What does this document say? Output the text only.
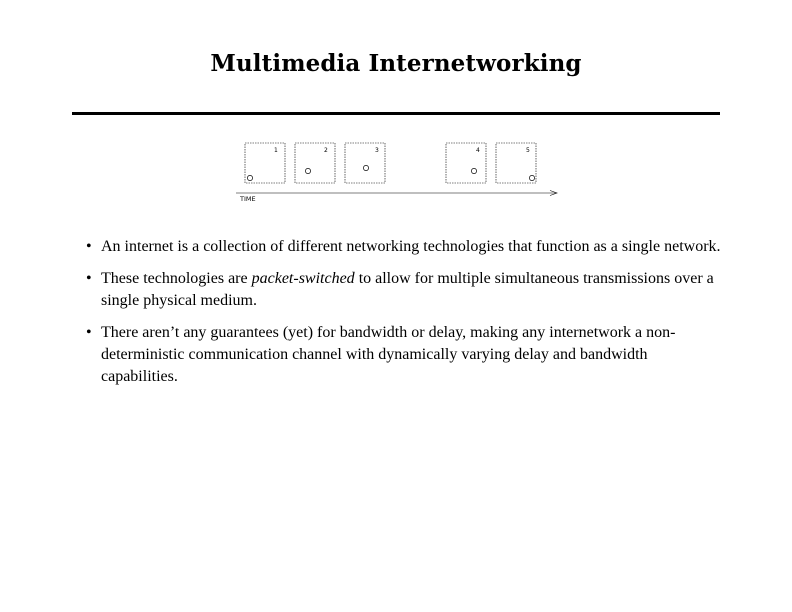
Multimedia Internetworking
1	2	3	4	5
TIME
• An internet is a collection of different networking technologies that function as a single network.
• These technologies are packet-switched to allow for multiple simultaneous transmissions over a single physical medium.
• There aren’t any guarantees (yet) for bandwidth or delay, making any internetwork a non-deterministic communication channel with dynamically varying delay and bandwidth capabilities.
